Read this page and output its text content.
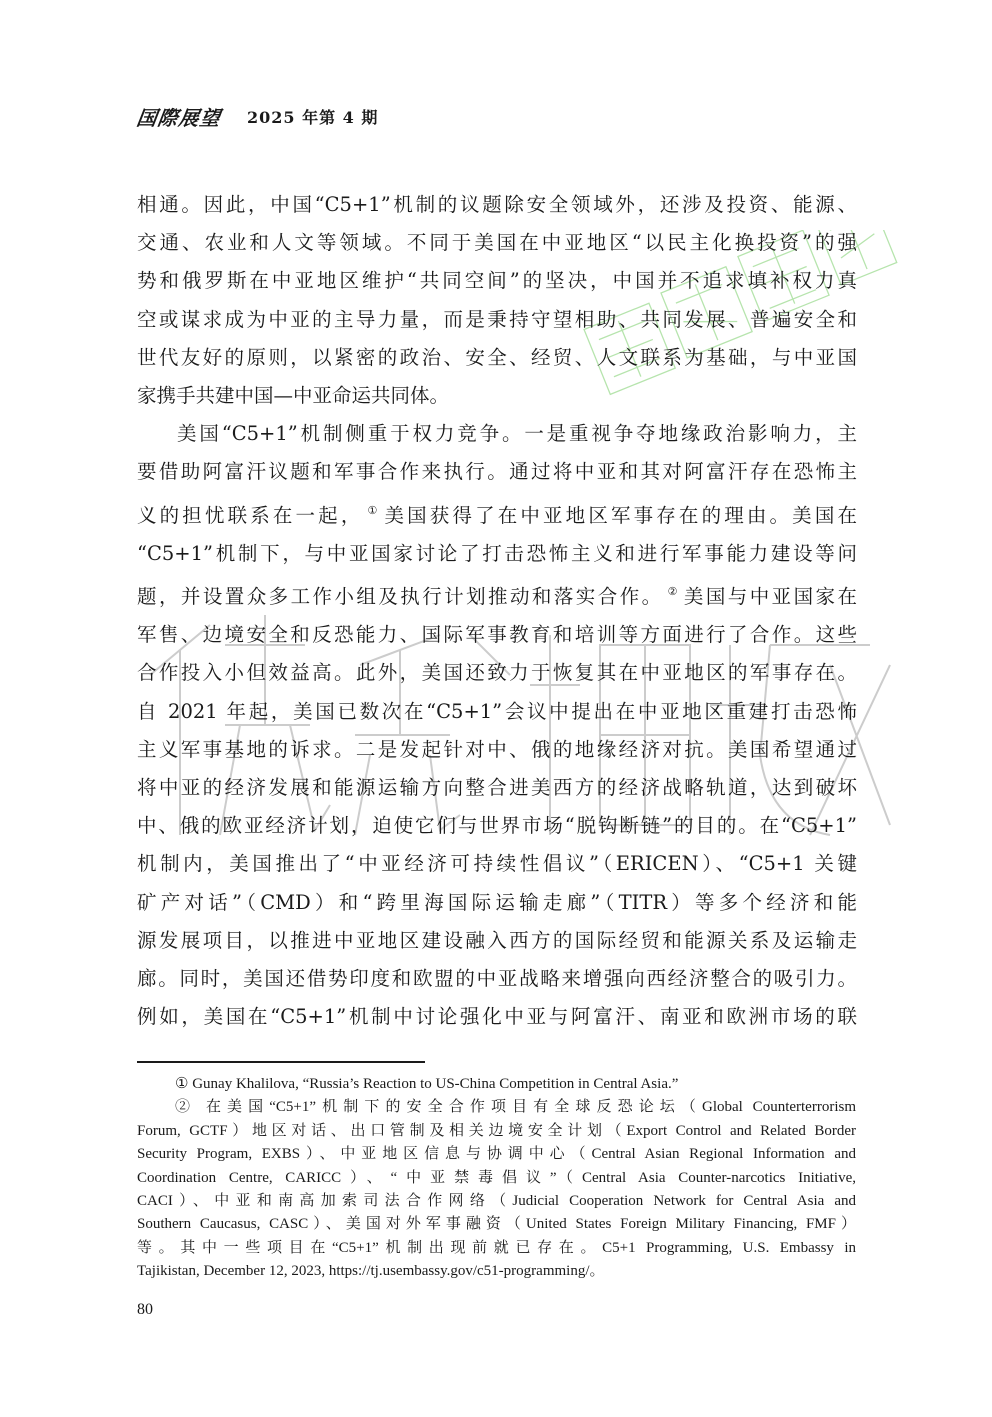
国際展望 2025 年第 4 期

相通。因此，中国“C5+1”机制的议题除安全领域外，还涉及投资、能源、
交通、农业和人文等领域。不同于美国在中亚地区“以民主化换投资”的强
势和俄罗斯在中亚地区维护“共同空间”的坚决，中国并不追求填补权力真
空或谋求成为中亚的主导力量，而是秉持守望相助、共同发展、普遍安全和
世代友好的原则，以紧密的政治、安全、经贸、人文联系为基础，与中亚国
家携手共建中国—中亚命运共同体。

美国“C5+1”机制侧重于权力竞争。一是重视争夺地缘政治影响力，主
要借助阿富汗议题和军事合作来执行。通过将中亚和其对阿富汗存在恐怖主
义的担忧联系在一起， ① 美国获得了在中亚地区军事存在的理由。美国在
“C5+1”机制下，与中亚国家讨论了打击恐怖主义和进行军事能力建设等问
题，并设置众多工作小组及执行计划推动和落实合作。 ② 美国与中亚国家在
军售、边境安全和反恐能力、国际军事教育和培训等方面进行了合作。这些
合作投入小但效益高。此外，美国还致力于恢复其在中亚地区的军事存在。
自 2021 年起，美国已数次在“C5+1”会议中提出在中亚地区重建打击恐怖
主义军事基地的诉求。二是发起针对中、俄的地缘经济对抗。美国希望通过
将中亚的经济发展和能源运输方向整合进美西方的经济战略轨道，达到破坏
中、俄的欧亚经济计划，迫使它们与世界市场“脱钩断链”的目的。在“C5+1”
机制内，美国推出了“中亚经济可持续性倡议”（ERICEN）、“C5+1 关键
矿产对话”（CMD）和“跨里海国际运输走廊”（TITR）等多个经济和能
源发展项目，以推进中亚地区建设融入西方的国际经贸和能源关系及运输走
廊。同时，美国还借势印度和欧盟的中亚战略来增强向西经济整合的吸引力。
例如，美国在“C5+1”机制中讨论强化中亚与阿富汗、南亚和欧洲市场的联

① Gunay Khalilova, “Russia’s Reaction to US-China Competition in Central Asia.”

② 在美国“C5+1”机制下的安全合作项目有全球反恐论坛（Global Counterterrorism
Forum, GCTF）地区对话、出口管制及相关边境安全计划（Export Control and Related Border
Security Program, EXBS）、中亚地区信息与协调中心（Central Asian Regional Information and
Coordination Centre, CARICC）、“中亚禁毒倡议”（Central Asia Counter-narcotics Initiative,
CACI）、中亚和南高加索司法合作网络（Judicial Cooperation Network for Central Asia and
Southern Caucasus, CASC）、美国对外军事融资（United States Foreign Military Financing, FMF）
等。其中一些项目在“C5+1”机制出现前就已存在。C5+1 Programming, U.S. Embassy in
Tajikistan, December 12, 2023, https://tj.usembassy.gov/c51-programming/。

80
